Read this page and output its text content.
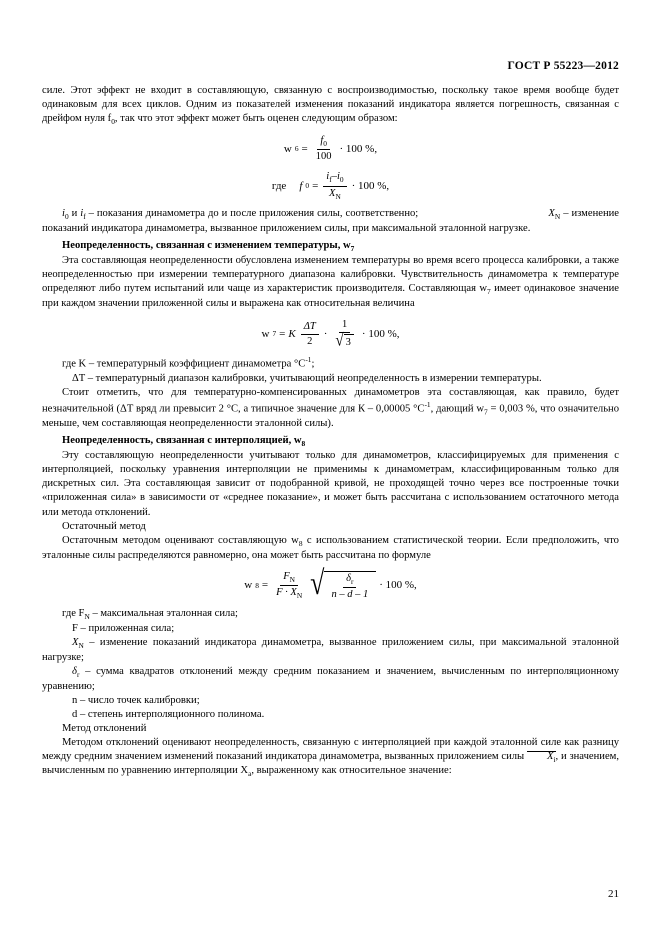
ГОСТ Р 55223—2012

силе. Этот эффект не входит в составляющую, связанную с воспроизводимостью, поскольку такое время вообще будет одинаковым для всех циклов. Одним из показателей изменения показаний индикатора является погрешность, связанная с дрейфом нуля $f_0$, так что этот эффект может быть оценен следующим образом:

w $6 = \frac{f_0}{100} \cdot 100$ %,
где f $0 = \frac{i_f-i_0}{X_N} \cdot 100$ %,

$i_0$ и $i_f$ – показания динамометра до и после приложения силы, соответственно;	$X_N$ – изменение показаний индикатора динамометра, вызванное приложением силы, при максимальной эталонной нагрузке.

Неопределенность, связанная с изменением температуры, $w_7$

Эта составляющая неопределенности обусловлена изменением температуры во время всего процесса калибровки, а также неопределенностью при измерении температурного диапазона калибровки. Чувствительность динамометра к температуре определяют либо путем испытаний или чаще из характеристик производителя. Составляющая $w_7$ имеет одинаковое значение при каждом значении приложенной силы и выражена как относительная величина

w 7 = K $\frac{\Delta T}{2} \cdot \frac{1}{√ 3} \cdot 100$ %,

где K – температурный коэффициент динамометра $^\circ С^{-1}$;

ΔT – температурный диапазон калибровки, учитывающий неопределенность в измерении температуры.

Стоит отметить, что для температурно-компенсированных динамометров эта составляющая, как правило, будет незначительной (ΔT вряд ли превысит 2 °С, а типичное значение для К – 0,00005 $^\circ С^{-1}$, дающий $w_7 = 0,003$ %, что означительно меньше, чем составляющая неопределенности эталонной силы).

Неопределенность, связанная с интерполяцией, $w_8$

Эту составляющую неопределенности учитывают только для динамометров, классифицируемых для применения с интерполяцией, поскольку уравнения интерполяции не применимы к динамометрам, классифицированным только для дискретных сил. Эта составляющая зависит от подобранной кривой, не проходящей точно через все построенные точки «приложенная сила» в зависимости от «среднее показание», и может быть рассчитана с использованием остаточного метода или метода отклонений.

Остаточный метод

Остаточным методом оценивают составляющую $w_8$ с использованием статистической теории. Если предположить, что эталонные силы распределяются равномерно, она может быть рассчитана по формуле

w $8 = \frac{F_N}{F \cdot X_N}$ √ $\frac{\delta_r}{n - d - 1} \cdot 100$ %,

где $F_N$ – максимальная эталонная сила;

F – приложенная сила;

$X_N$ – изменение показаний индикатора динамометра, вызванное приложением силы, при максимальной эталонной нагрузке;

$\delta_r$ – сумма квадратов отклонений между средним показанием и значением, вычисленным по интерполяционному уравнению;

n – число точек калибровки;

d – степень интерполяционного полинома.

Метод отклонений

Методом отклонений оценивают неопределенность, связанную с интерполяцией при каждой эталонной силе как разницу между средним значением изменений показаний индикатора динамометра, вызванных приложением силы $X_i$, и значением, вычисленным по уравнению интерполяции $X_a$, выраженному как относительное значение:

21
